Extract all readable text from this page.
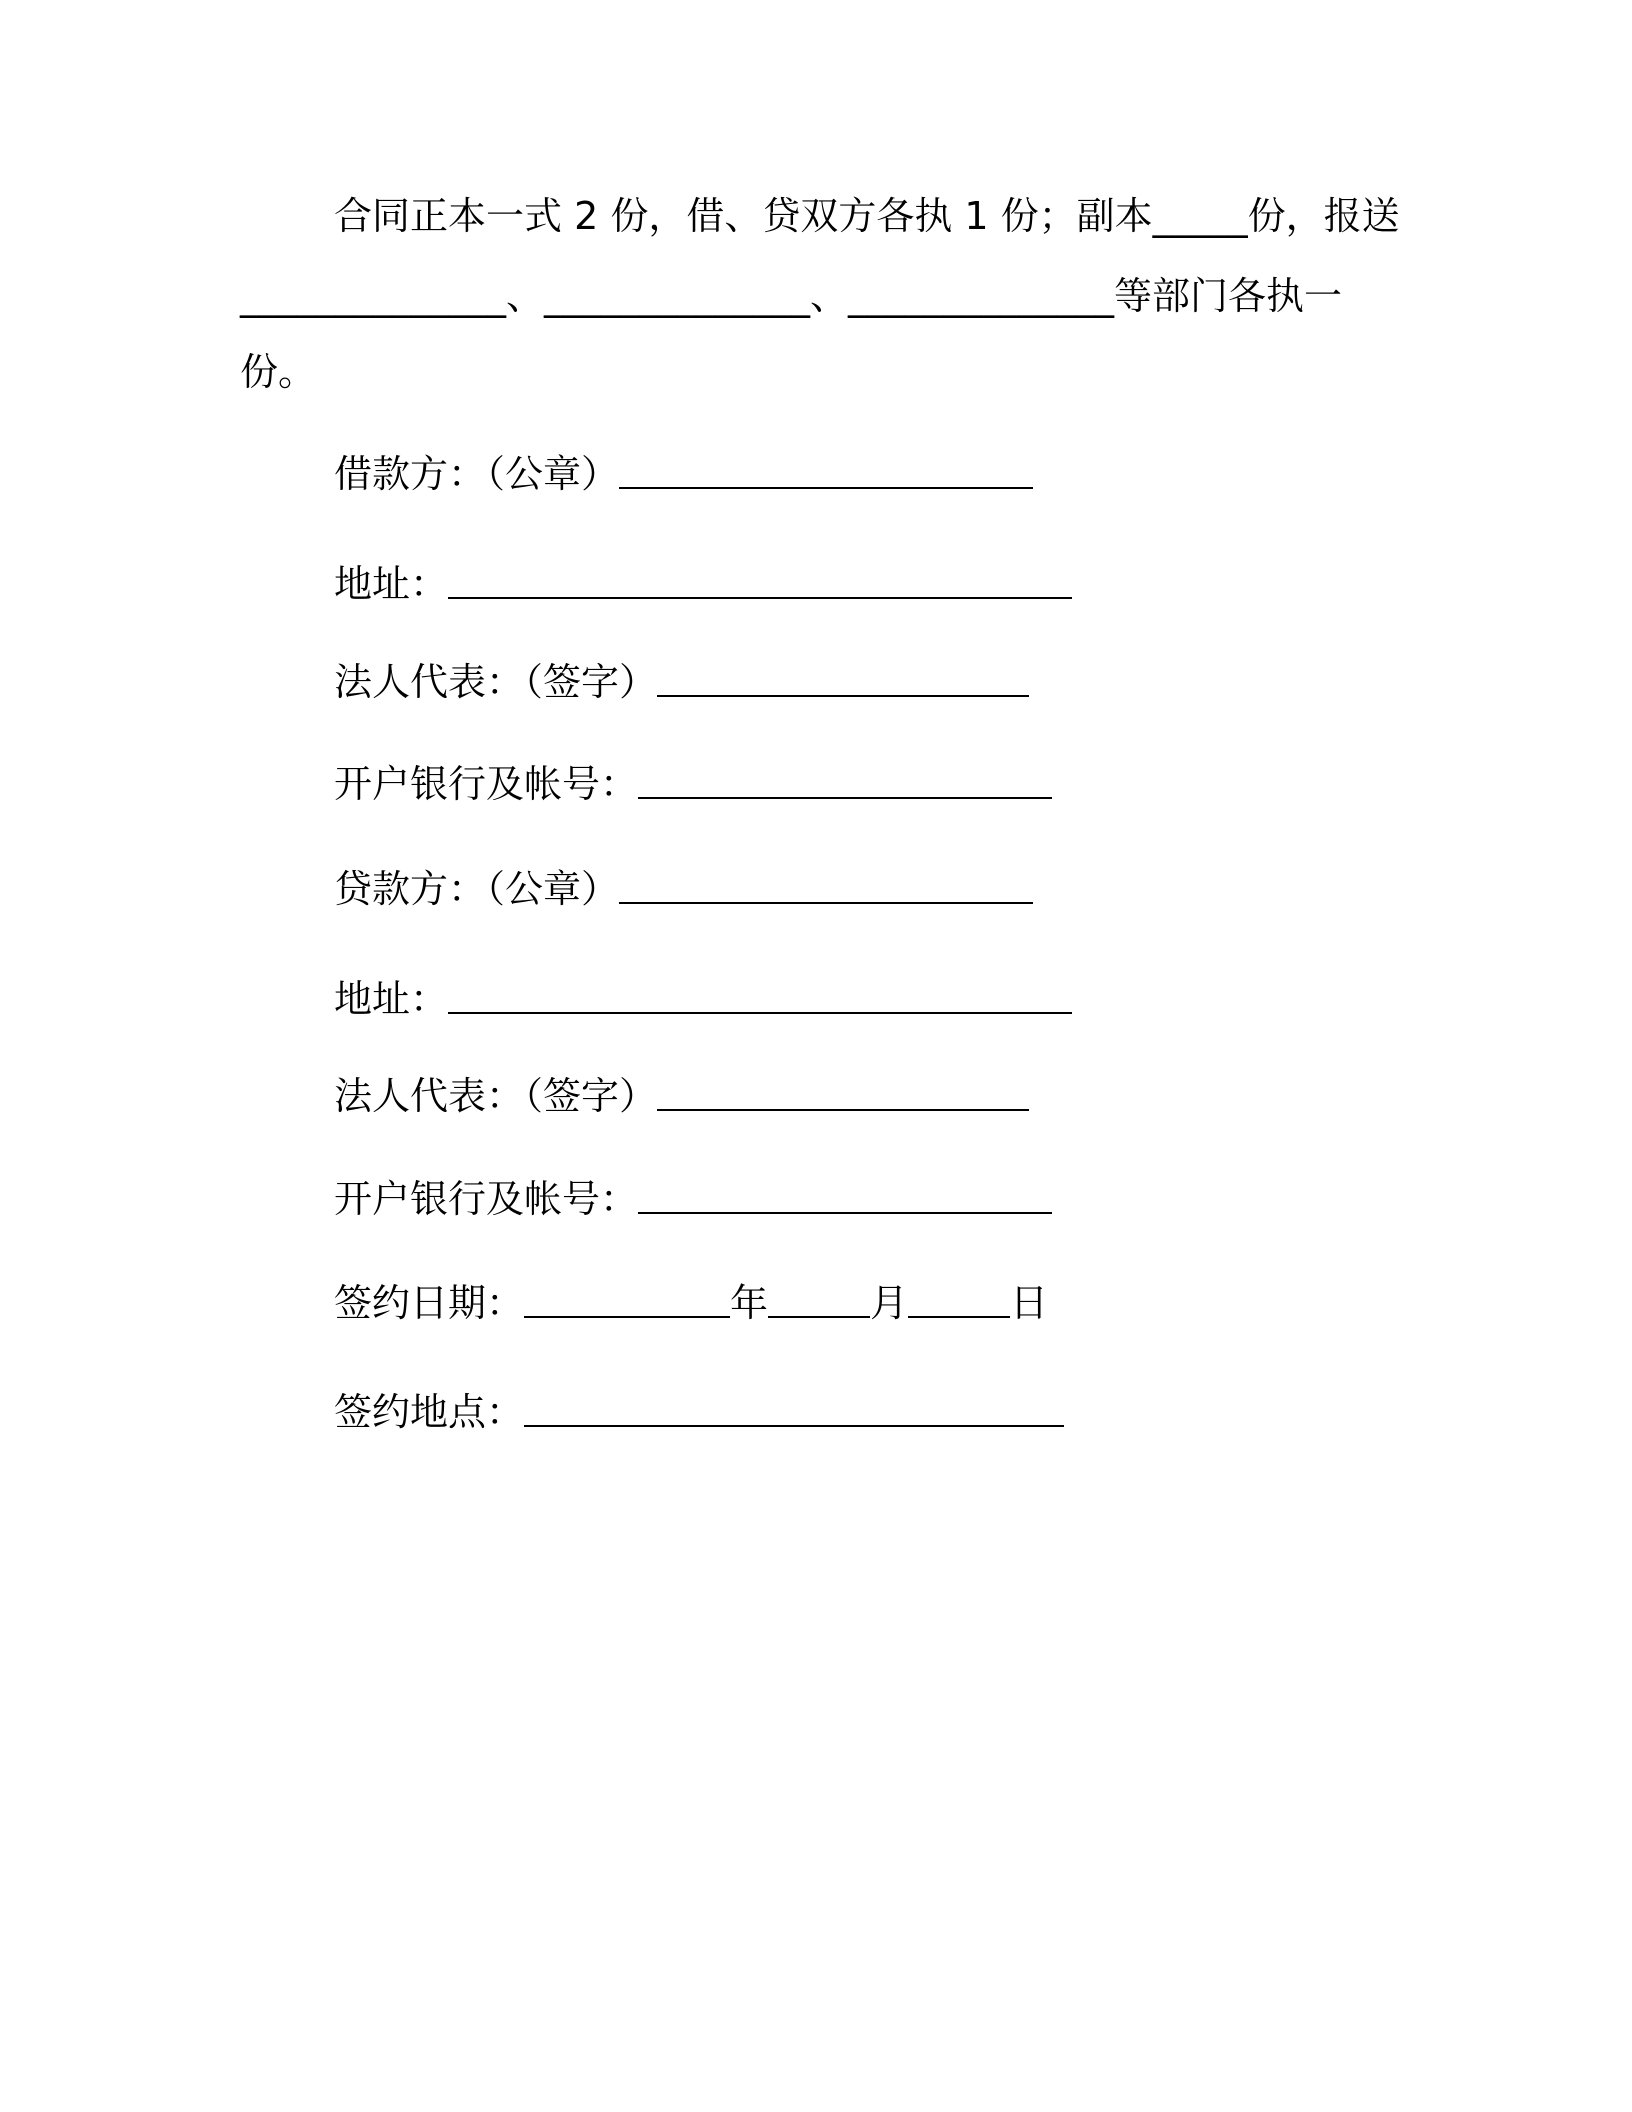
合同正本一式 2 份，借、贷双方各执 1 份；副本_____份，报送
______________、______________、______________等部门各执一
份。
借款方：（公章）
地址：
法人代表：（签字）
开户银行及帐号：
贷款方：（公章）
地址：
法人代表：（签字）
开户银行及帐号：
签约日期：	年	月	日
签约地点：
